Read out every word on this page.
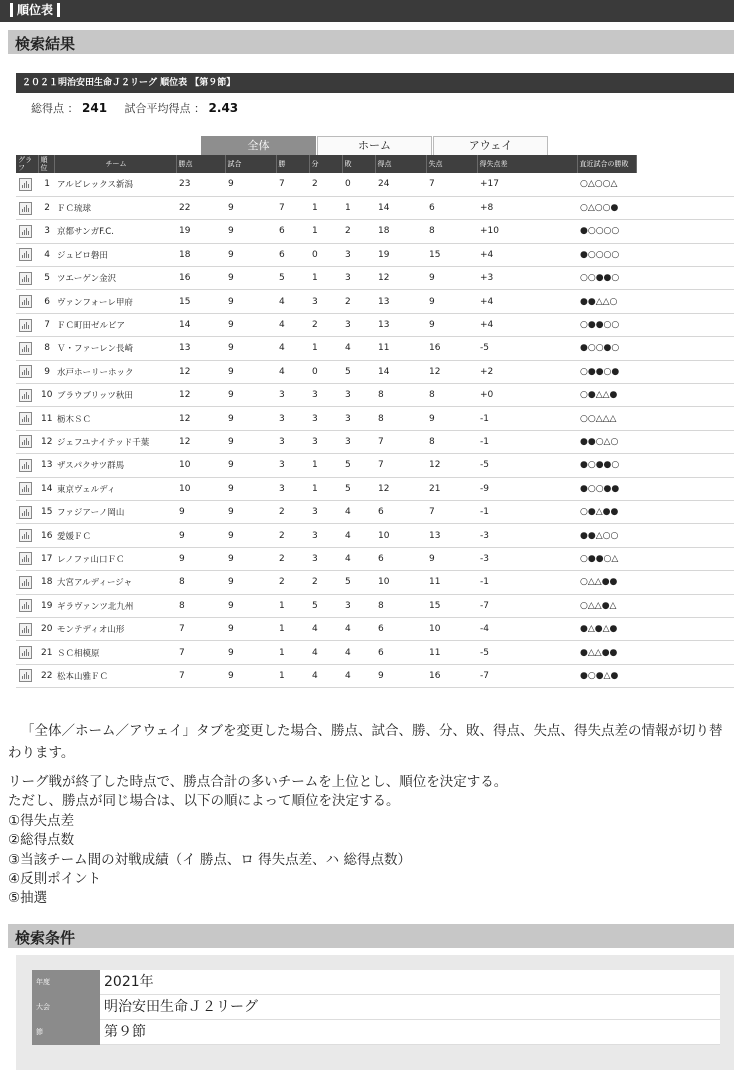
順位表
検索結果
２０２１明治安田生命Ｊ２リーグ 順位表 【第９節】
総得点 ： 241 試合平均得点 ： 2.43
全体	ホーム	アウェイ
グラフ	順位	チーム	勝点	試合	勝	分	敗	得点	失点	得失点差	直近試合の勝敗	
	1	アルビレックス新潟	23	9	7	2	0	24	7	+17	○△○○△	
	2	ＦＣ琉球	22	9	7	1	1	14	6	+8	○△○○●	
	3	京都サンガF.C.	19	9	6	1	2	18	8	+10	●○○○○	
	4	ジュビロ磐田	18	9	6	0	3	19	15	+4	●○○○○	
	5	ツエーゲン金沢	16	9	5	1	3	12	9	+3	○○●●○	
	6	ヴァンフォーレ甲府	15	9	4	3	2	13	9	+4	●●△△○	
	7	ＦＣ町田ゼルビア	14	9	4	2	3	13	9	+4	○●●○○	
	8	Ｖ・ファーレン長崎	13	9	4	1	4	11	16	-5	●○○●○	
	9	水戸ホーリーホック	12	9	4	0	5	14	12	+2	○●●○●	
	10	ブラウブリッツ秋田	12	9	3	3	3	8	8	+0	○●△△●	
	11	栃木ＳＣ	12	9	3	3	3	8	9	-1	○○△△△	
	12	ジェフユナイテッド千葉	12	9	3	3	3	7	8	-1	●●○△○	
	13	ザスパクサツ群馬	10	9	3	1	5	7	12	-5	●○●●○	
	14	東京ヴェルディ	10	9	3	1	5	12	21	-9	●○○●●	
	15	ファジアーノ岡山	9	9	2	3	4	6	7	-1	○●△●●	
	16	愛媛ＦＣ	9	9	2	3	4	10	13	-3	●●△○○	
	17	レノファ山口ＦＣ	9	9	2	3	4	6	9	-3	○●●○△	
	18	大宮アルディージャ	8	9	2	2	5	10	11	-1	○△△●●	
	19	ギラヴァンツ北九州	8	9	1	5	3	8	15	-7	○△△●△	
	20	モンテディオ山形	7	9	1	4	4	6	10	-4	●△●△●	
	21	ＳＣ相模原	7	9	1	4	4	6	11	-5	●△△●●	
	22	松本山雅ＦＣ	7	9	1	4	4	9	16	-7	●○●△●	
「全体／ホーム／アウェイ」タブを変更した場合、勝点、試合、勝、分、敗、得点、失点、得失点差の情報が切り替わります。
リーグ戦が終了した時点で、勝点合計の多いチームを上位とし、順位を決定する。
ただし、勝点が同じ場合は、以下の順によって順位を決定する。
①得失点差
②総得点数
③当該チーム間の対戦成績（イ 勝点、ロ 得失点差、ハ 総得点数）
④反則ポイント
⑤抽選
検索条件
年度	2021年
大会	明治安田生命Ｊ２リーグ
節	第９節
